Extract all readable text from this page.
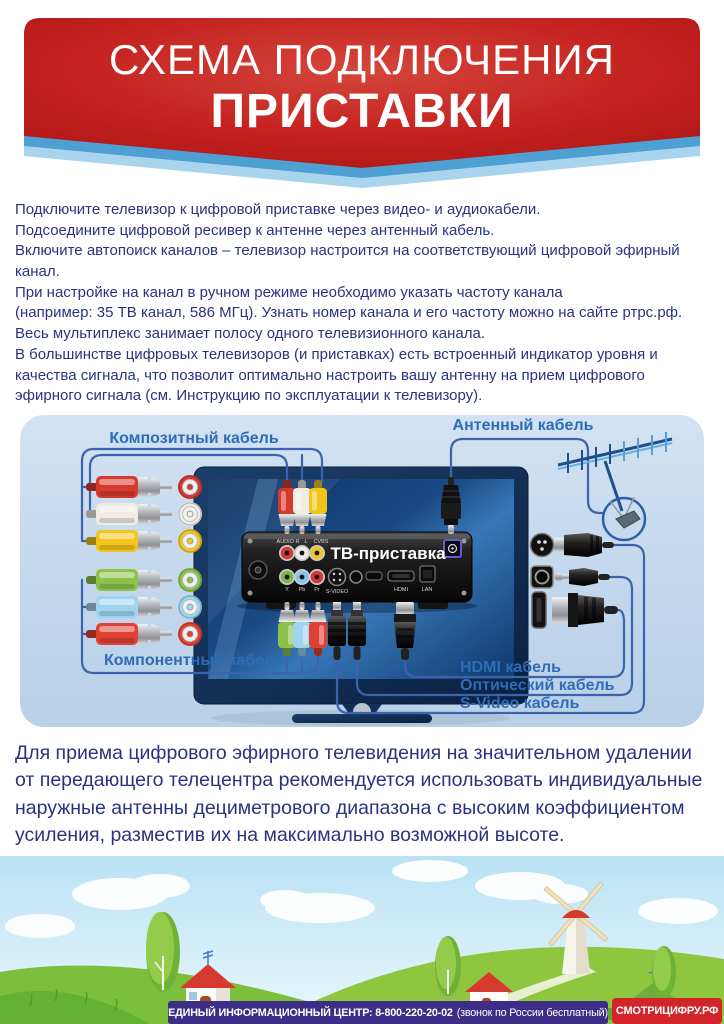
СХЕМА ПОДКЛЮЧЕНИЯ
ПРИСТАВКИ

Подключите телевизор к цифровой приставке через видео- и аудиокабели.

Подсоедините цифровой ресивер к антенне через антенный кабель.

Включите автопоиск каналов – телевизор настроится на соответствующий цифровой эфирный канал.

При настройке на канал в ручном режиме необходимо указать частоту канала

(например: 35 ТВ канал, 586 МГц). Узнать номер канала и его частоту можно на сайте ртрс.рф.

Весь мультиплекс занимает полосу одного телевизионного канала.

В большинстве цифровых телевизоров (и приставках) есть встроенный индикатор уровня и качества сигнала, что позволит оптимально настроить вашу антенну на прием цифрового эфирного сигнала (см. Инструкцию по эксплуатации к телевизору).

ТВ-приставка
AUDIO R L CVBS
Y Pb Pr S-VIDEO	HDMI LAN
Композитный кабель
Антенный кабель
Компонентный кабель	HDMI кабель
Оптический кабель
S-Video кабель
Для приема цифрового эфирного телевидения на значительном удалении от передающего телецентра рекомендуется использовать индивидуальные наружные антенны дециметрового диапазона с высоким коэффициентом усиления, разместив их на максимально возможной высоте.
ЕДИНЫЙ ИНФОРМАЦИОННЫЙ ЦЕНТР: 8-800-220-20-02 (звонок по России бесплатный) СМОТРИЦИФРУ.РФ
